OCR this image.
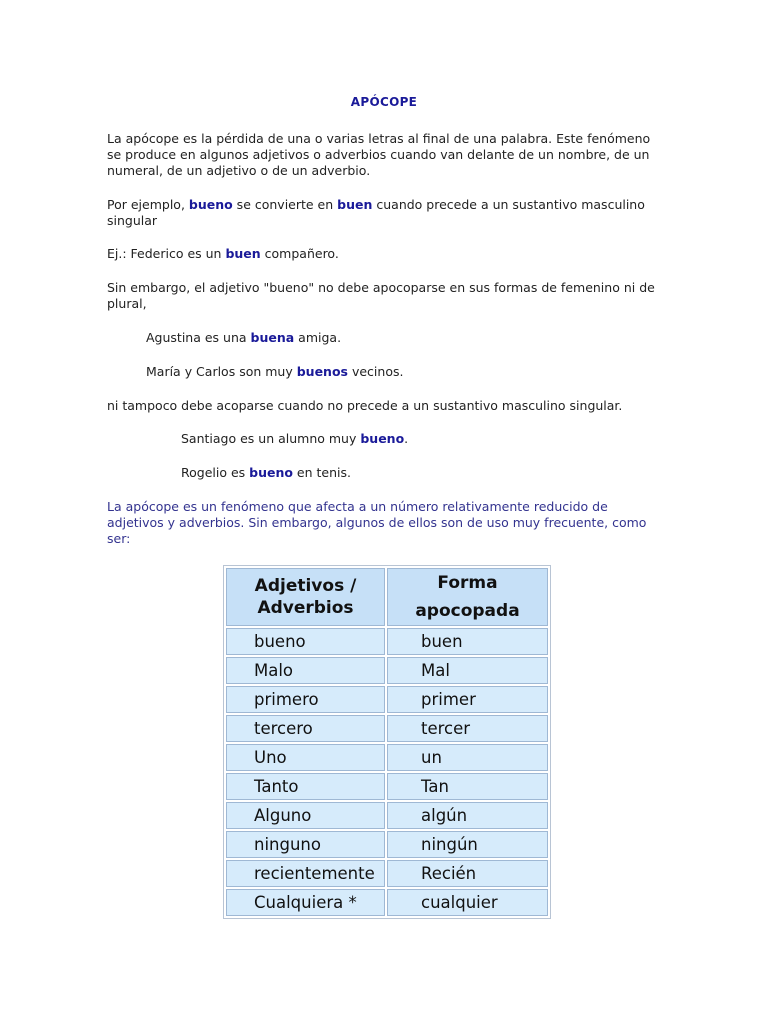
APÓCOPE

La apócope es la pérdida de una o varias letras al final de una palabra. Este fenómeno se produce en algunos adjetivos o adverbios cuando van delante de un nombre, de un numeral, de un adjetivo o de un adverbio.

Por ejemplo, bueno se convierte en buen cuando precede a un sustantivo masculino singular

Ej.: Federico es un buen compañero.

Sin embargo, el adjetivo "bueno" no debe apocoparse en sus formas de femenino ni de plural,

Agustina es una buena amiga.

María y Carlos son muy buenos vecinos.

ni tampoco debe acoparse cuando no precede a un sustantivo masculino singular.

Santiago es un alumno muy bueno.

Rogelio es bueno en tenis.

La apócope es un fenómeno que afecta a un número relativamente reducido de adjetivos y adverbios. Sin embargo, algunos de ellos son de uso muy frecuente, como ser:

Adjetivos /
Adverbios	Forma
apocopada

bueno	buen
Malo	Mal
primero	primer
tercero	tercer
Uno	un
Tanto	Tan
Alguno	algún
ninguno	ningún
recientemente	Recién
Cualquiera *	cualquier
